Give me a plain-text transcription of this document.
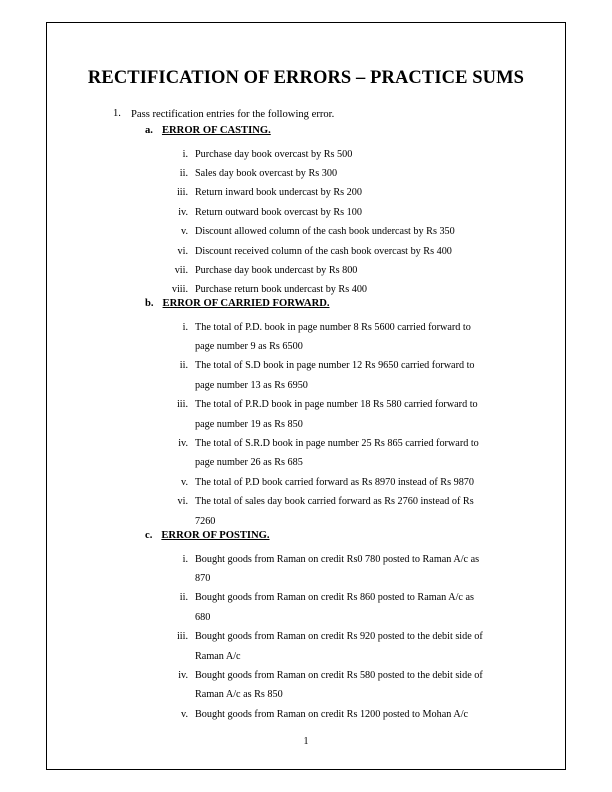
RECTIFICATION OF ERRORS – PRACTICE SUMS
1. Pass rectification entries for the following error.
a. ERROR OF CASTING.
i. Purchase day book overcast by Rs 500
ii. Sales day book overcast by Rs 300
iii. Return inward book undercast by Rs 200
iv. Return outward book overcast by Rs 100
v. Discount allowed column of the cash book undercast by Rs 350
vi. Discount received column of the cash book overcast by Rs 400
vii. Purchase day book undercast by Rs 800
viii. Purchase return book undercast by Rs 400
b. ERROR OF CARRIED FORWARD.
i. The total of P.D. book in page number 8 Rs 5600 carried forward to
page number 9 as Rs 6500
ii. The total of S.D book in page number 12 Rs 9650 carried forward to
page number 13 as Rs 6950
iii. The total of P.R.D book in page number 18 Rs 580 carried forward to
page number 19 as Rs 850
iv. The total of S.R.D book in page number 25 Rs 865 carried forward to
page number 26 as Rs 685
v. The total of P.D book carried forward as Rs 8970 instead of Rs 9870
vi. The total of sales day book carried forward as Rs 2760 instead of Rs
7260
c. ERROR OF POSTING.
i. Bought goods from Raman on credit Rs0 780 posted to Raman A/c as
870
ii. Bought goods from Raman on credit Rs 860 posted to Raman A/c as
680
iii. Bought goods from Raman on credit Rs 920 posted to the debit side of
Raman A/c
iv. Bought goods from Raman on credit Rs 580 posted to the debit side of
Raman A/c as Rs 850
v. Bought goods from Raman on credit Rs 1200 posted to Mohan A/c
1
